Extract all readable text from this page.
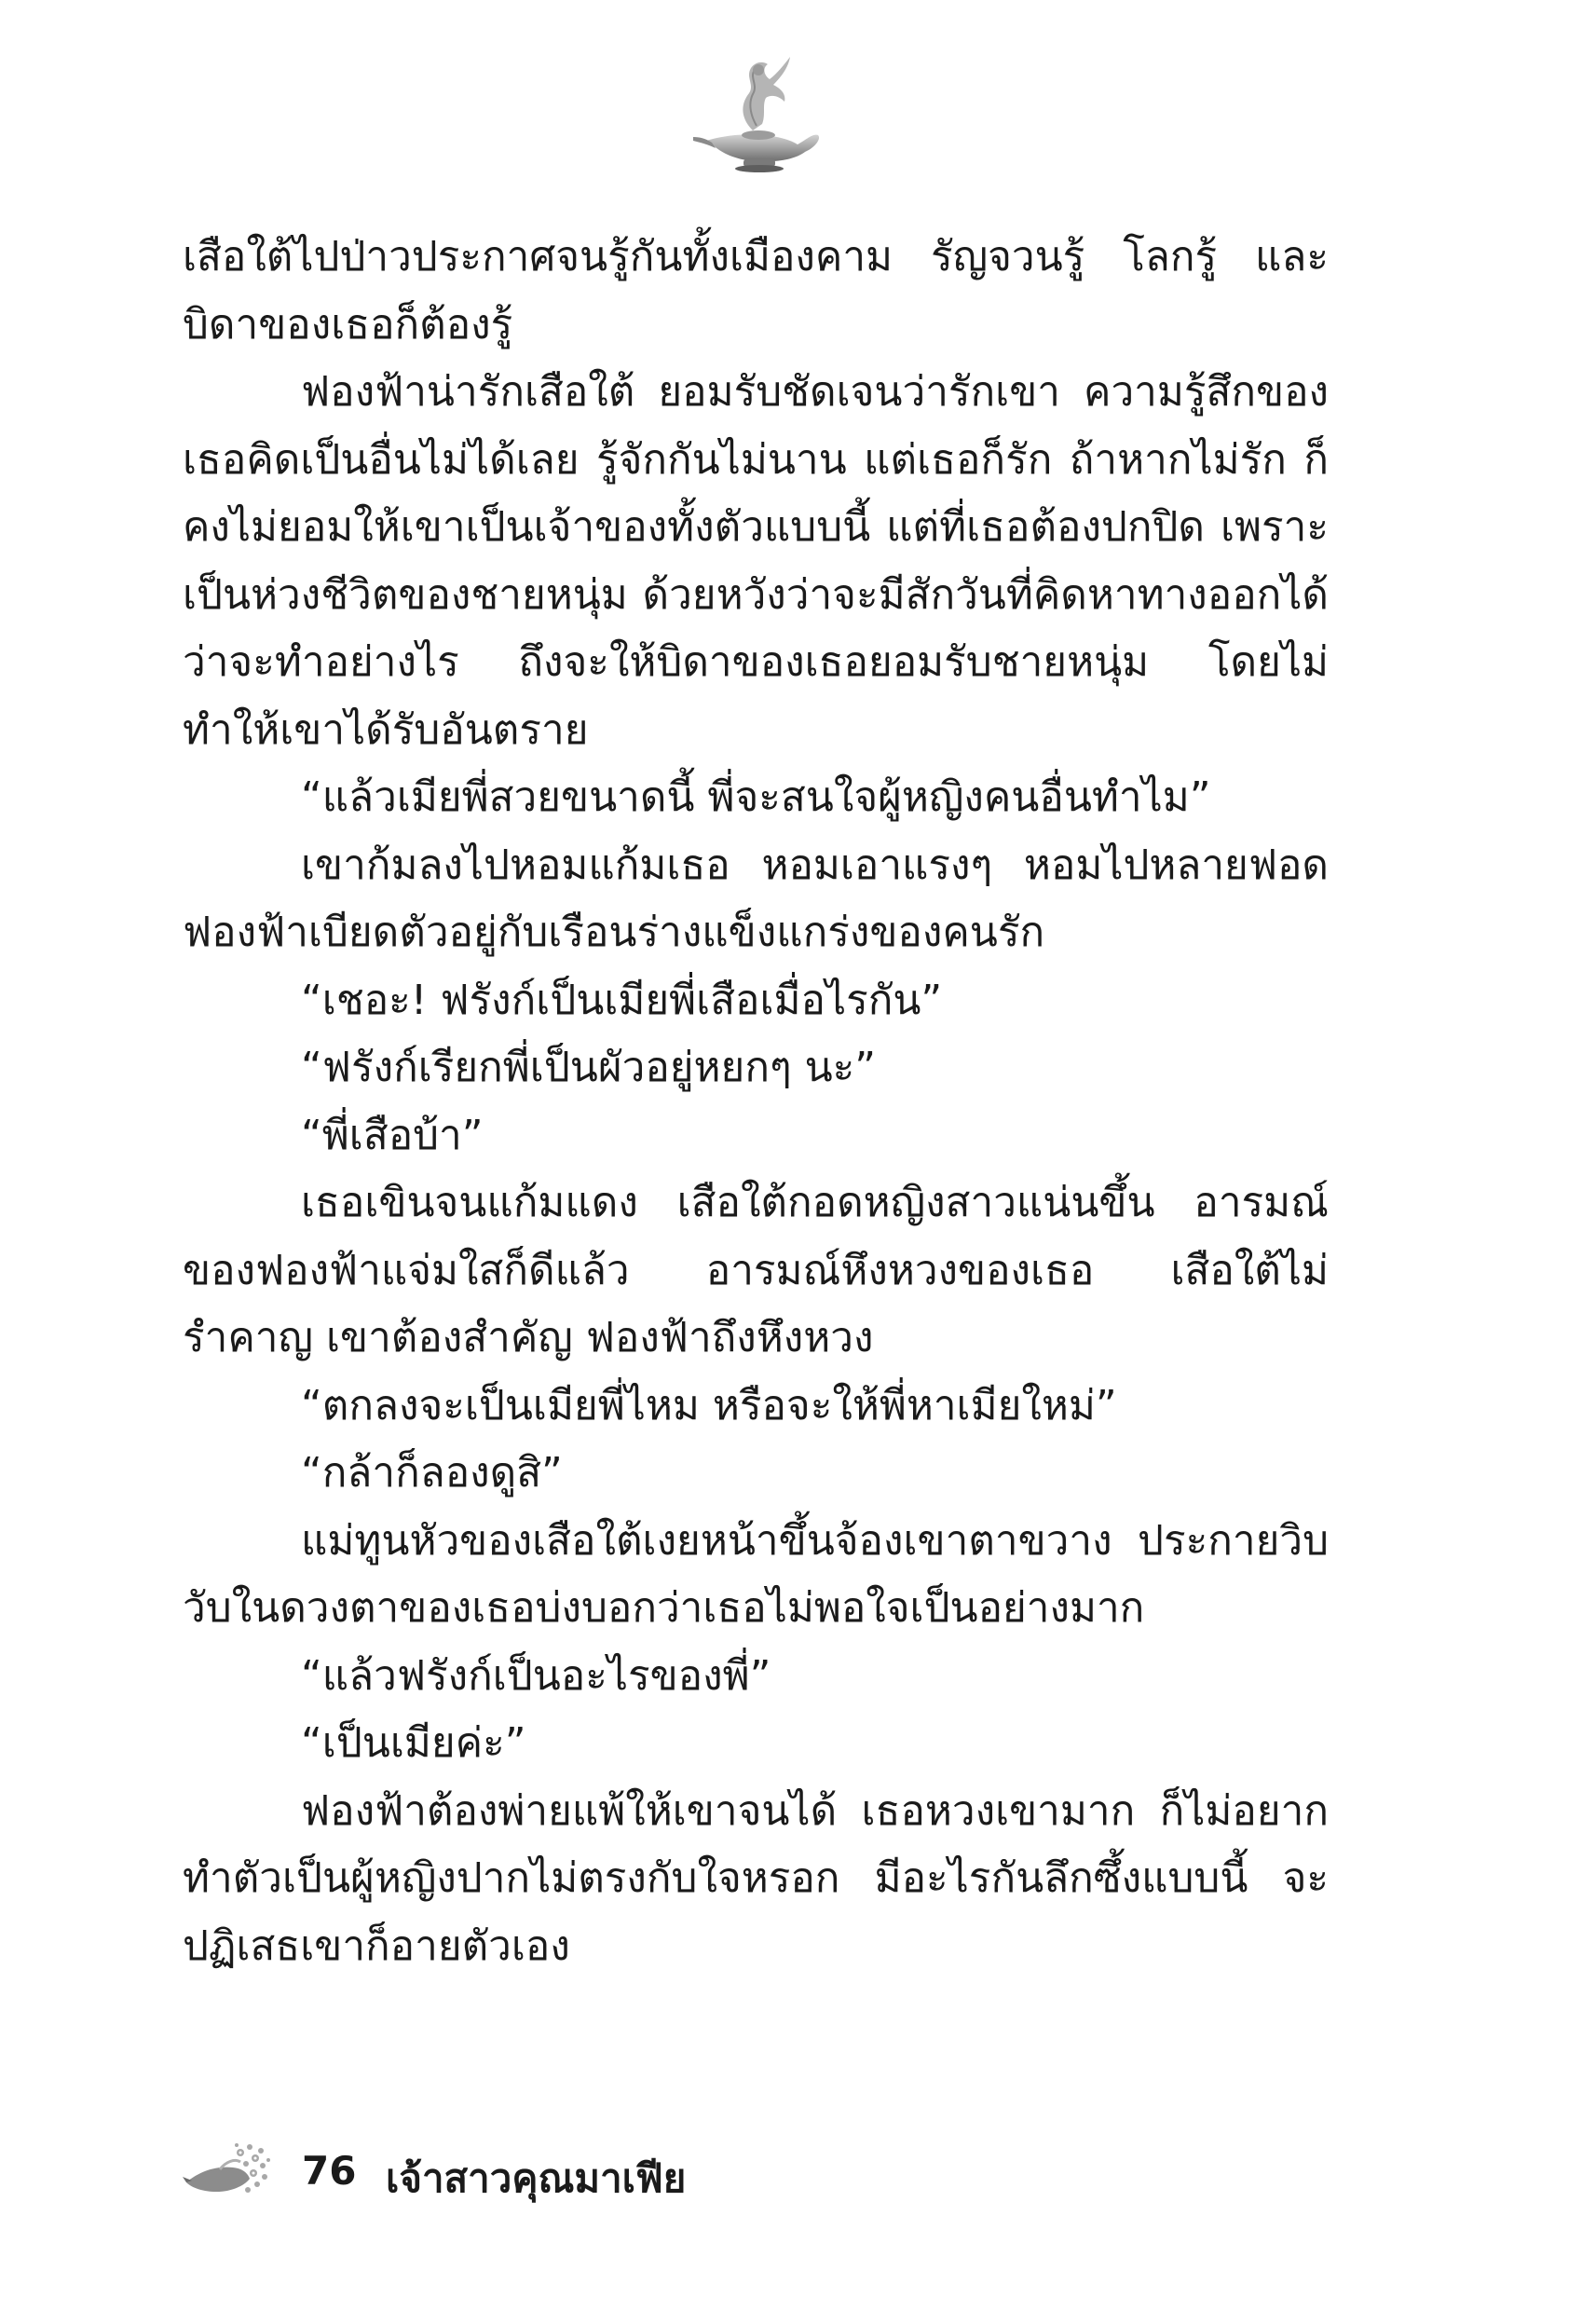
เสือใต้ไปป่าวประกาศจนรู้กันทั้งเมืองคาม รัญจวนรู้ โลกรู้ และบิดาของเธอก็ต้องรู้

ฟองฟ้าน่ารักเสือใต้ ยอมรับชัดเจนว่ารักเขา ความรู้สึกของเธอคิดเป็นอื่นไม่ได้เลย รู้จักกันไม่นาน แต่เธอก็รัก ถ้าหากไม่รัก ก็คงไม่ยอมให้เขาเป็นเจ้าของทั้งตัวแบบนี้ แต่ที่เธอต้องปกปิด เพราะเป็นห่วงชีวิตของชายหนุ่ม ด้วยหวังว่าจะมีสักวันที่คิดหาทางออกได้ว่าจะทำอย่างไร ถึงจะให้บิดาของเธอยอมรับชายหนุ่ม โดยไม่ทำให้เขาได้รับอันตราย

“แล้วเมียพี่สวยขนาดนี้ พี่จะสนใจผู้หญิงคนอื่นทำไม”

เขาก้มลงไปหอมแก้มเธอ หอมเอาแรงๆ หอมไปหลายฟอดฟองฟ้าเบียดตัวอยู่กับเรือนร่างแข็งแกร่งของคนรัก

“เชอะ! ฟรังก์เป็นเมียพี่เสือเมื่อไรกัน”

“ฟรังก์เรียกพี่เป็นผัวอยู่หยกๆ นะ”

“พี่เสือบ้า”

เธอเขินจนแก้มแดง เสือใต้กอดหญิงสาวแน่นขึ้น อารมณ์ของฟองฟ้าแจ่มใสก็ดีแล้ว อารมณ์หึงหวงของเธอ เสือใต้ไม่รำคาญ เขาต้องสำคัญ ฟองฟ้าถึงหึงหวง

“ตกลงจะเป็นเมียพี่ไหม หรือจะให้พี่หาเมียใหม่”

“กล้าก็ลองดูสิ”

แม่ทูนหัวของเสือใต้เงยหน้าขึ้นจ้องเขาตาขวาง ประกายวิบวับในดวงตาของเธอบ่งบอกว่าเธอไม่พอใจเป็นอย่างมาก

“แล้วฟรังก์เป็นอะไรของพี่”

“เป็นเมียค่ะ”

ฟองฟ้าต้องพ่ายแพ้ให้เขาจนได้ เธอหวงเขามาก ก็ไม่อยากทำตัวเป็นผู้หญิงปากไม่ตรงกับใจหรอก มีอะไรกันลึกซึ้งแบบนี้ จะปฏิเสธเขาก็อายตัวเอง

76 เจ้าสาวคุณมาเฟีย
